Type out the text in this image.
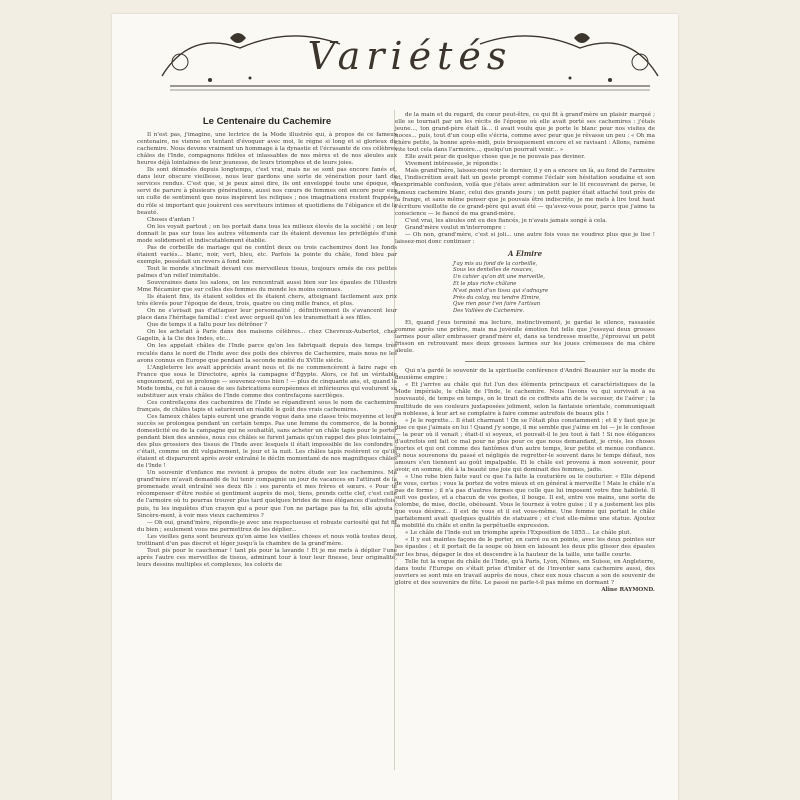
Variétés
Le Centenaire du Cachemire

Il n'est pas, j'imagine, une lectrice de la Mode illustrée qui, à propos de ce fameux centenaire, ne vienne en tentant d'évoquer avec moi, le règne si long et si glorieux du cachemire. Nous devons vraiment un hommage à la dynastie et l'écrasante de ces célèbres châles de l'Inde, compagnons fidèles et inlassables de nos mères et de nos aïeules aux heures déjà lointaines de leur jeunesse, de leurs triomphes et de leurs joies.

Ils sont démodés depuis longtemps, c'est vrai, mais ne se sont pas encore fanés et, dans leur obscure vieillesse, nous leur gardons une sorte de vénération pour tant de services rendus. C'est que, si je peux ainsi dire, ils ont enveloppé toute une époque, et servi de parure à plusieurs générations, aussi nos cœurs de femmes ont encore pour eux un culte de sentiment que nous inspirent les reliques ; nos imaginations restent frappées du rôle si important que jouèrent ces serviteurs intimes et quotidiens de l'élégance et de la beauté.

Choses d'antan !

On les voyait partout ; on les portait dans tous les milieux élevés de la société ; on leur donnait le pas sur tous les autres vêtements car ils étaient devenus les privilégiés d'une mode solidement et indiscutablement établie.

Pas de corbeille de mariage qui ne contînt deux ou trois cachemires dont les fonds étaient variés... blanc, noir, vert, bleu, etc. Parfois la pointe du châle, fond bleu par exemple, possédait un revers à fond noir.

Tout le monde s'inclinait devant ces merveilleux tissus, toujours ornés de ces petites palmes d'un relief inimitable.

Souveraines dans les salons, on les rencontrait aussi bien sur les épaules de l'illustre Mme Récamier que sur celles des femmes du monde les moins connues.

Ils étaient fins, ils étaient solides et ils étaient chers, atteignant facilement aux prix très élevés pour l'époque de deux, trois, quatre ou cinq mille francs, et plus.

On ne s'avisait pas d'attaquer leur personnalité ; définitivement ils s'avancent leur place dans l'héritage familial : c'est avec orgueil qu'on les transmettait à ses filles.

Que de temps il a fallu pour les détrôner ?

On les achetait à Paris dans des maisons célèbres... chez Chevreux-Aubertot, chez Gagelin, à la Cie des Indes, etc...

On les appelait châles de l'Inde parce qu'on les fabriquait depuis des temps très reculés dans le nord de l'Inde avec des poils des chèvres de Cachemire, mais nous ne les avons connus en Europe que pendant la seconde moitié du XVIIIe siècle.

L'Angleterre les avait appréciés avant nous et ils ne commencèrent à faire rage en France que sous le Directoire, après la campagne d'Égypte. Alors, ce fut un véritable engouement, qui se prolonge — souvenez-vous bien ! — plus de cinquante ans, et, quand la Mode tomba, ce fut à cause de ses fabrications européennes et inférieures qui voulurent se substituer aux vrais châles de l'Inde comme des contrefaçons sacrilèges.

Ces contrefaçons des cachemires de l'Inde se répandirent sous le nom de cachemires français, de châles tapis et saturèrent en réalité le goût des vrais cachemires.

Ces fameux châles tapis eurent une grande vogue dans une classe très moyenne et leur succès se prolongea pendant un certain temps. Pas une femme du commerce, de la bonne domesticité ou de la campagne qui ne souhaitât, sans acheter un châle tapis pour le porter pendant bien des années, nous ces châles se furent jamais qu'un rappel des plus lointains, des plus grossiers des tissus de l'Inde avec lesquels il était impossible de les confondre ; c'était, comme on dit vulgairement, le jour et la nuit. Les châles tapis restèrent ce qu'ils étaient et disparurent après avoir entraîné le déclin momentané de nos magnifiques châles de l'Inde !

Un souvenir d'enfance me revient à propos de notre étude sur les cachemires. Ma grand'mère m'avait demandé de lui tenir compagnie un jour de vacances en l'attirant de la promenade avait entraîné ses deux fils : ses parents et mes frères et sœurs. « Pour te récompenser d'être restée si gentiment auprès de moi, tiens, prends cette clef, c'est celle de l'armoire où tu pourras trouver plus tard quelques brides de mes élégances d'autrefois, puis, tu les inquiètes d'un crayon qui a pour que l'on ne partage pas ta foi, elle ajouta : Sincère-ment, à voir mes vieux cachemires ?

— Oh oui, grand'mère, répondis-je avec une respectueuse et robuste curiosité qui fut fit du bien ; seulement vous me permettrez de les déplier...

Les vieilles gens sont heureux qu'on aime les vieilles choses et nous voilà toutes deux, trottinant d'un pas discret et léger jusqu'à la chambre de la grand'mère.

Tout pis pour le cauchemar ! tant pis pour la lavande ! Et je me mets à déplier l'une après l'autre ces merveilles de tissus, admirant tour à tour leur finesse, leur originalité, leurs dessins multiples et complexes, les coloris de

de la main et du regard, du cœur peut-être, ce qui fit à grand'mère un plaisir marqué ; elle se tournait par un les récits de l'époque où elle avait porté ses cachemires : j'étais jeune..., ton grand-père était là... il avait voulu que je porte le blanc pour nos visites de noces... puis, tout d'un coup elle s'écria, comme avec peur que je rêvasse un peu : « Oh ma chère petite, la bonne après-midi, puis brusquement encore et se ravisant : Allons, ramène vite tout cela dans l'armoire..., quelqu'un pourrait venir... »

Elle avait peur de quelque chose que je ne pouvais pas deviner.

Vivement intéressée, je répondis :

Mais grand'mère, laissez-moi voir le dernier, il y en a encore un là, au fond de l'armoire et, l'indiscrétion avait fait un geste prompt comme l'éclair son hésitation soudaine et son inexprimable confusion, voilà que j'étais avec admiration sur le lit recouvrant de perse, le fameux cachemire blanc, celui des grands jours ; un petit papier était attaché tout près de la frange, et sans même penser que je pouvais être indiscrète, je me mets à lire tout haut l'écriture vieillotte de ce grand-père qui avait été — qu'avez-vous pour, parce que j'aime ta conscience — le fiancé de ma grand-mère.

C'est vrai, les aïeules ont eu des fiancés, je n'avais jamais songé à cela.

Grand'mère voulut m'interrompre :

— Oh non, grand'mère, c'est si joli... une autre fois vous ne voudrez plus que je lise ! laissez-moi donc continuer :

A Elmire
J'ay mis au fond de la corbeille,
Sous les dentelles de rosaces,
Un cahier qu'on dit une merveille,
Et le plus riche châlane
N'est point d'un tissu qui s'adnayre
Près du colay, ma tendre Elmire,
Que rien pour t'en faire l'artisan
Des Vallées de Cachemire.

Et, quand j'eus terminé ma lecture, instinctivement, je gardai le silence, rassasiée comme après une prière, mais ma juvénile émotion fut telle que j'essuyai deux grosses larmes pour aller embrasser grand'mère et, dans sa tendresse muette, j'éprouvai un petit frisson en retrouvant mes deux grosses larmes sur les joues crémeuses de ma chère aïeule.

Qui n'a gardé le souvenir de la spirituelle conférence d'André Beaunier sur la mode du deuxième empire :

« Et j'arrive au châle qui fut l'un des éléments principaux et caractéristiques de la Mode impériale, le châle de l'Inde, le cachemire. Nous l'avons vu qui survivait à sa nouveauté, de temps en temps, on le tirait de ce coffrets afin de le secouer, de l'aérer ; la multitude de ses couleurs juxtaposées joliment, selon la fantaisie orientale, communiquait sa noblesse, à leur art se complaire à faire comme autrefois de beaux plis !

« Je le regrette... Il était charmant ! On se l'ôtait plus constamment ; et il y faut que je dise ce que j'aimais en lui ! Quand j'y songe, il me semble que j'aime en lui — je le confesse — la peur où il venait ; était-il si soyeux, et pouvait-il le jeu tout à fait ! Si nos élégances d'autrefois ont fait ce mal pour ne plus pour ce que nous demandant, je crois, les choses mortes et qui ont comme des fantômes d'un autre temps, leur petite et menue confiance. Si nous souvenons du passé et négligés de regretter-le souvent dans le temps défaut, nos amours s'en tiennent au goût impalpable. Et le châle est provenu à mon souvenir, pour avoir, en somme, été à la beauté une joie qui dominait des femmes, jadis.

« Une robe bien faite vaut ce que l'a faite la couturière ou le couturier. « Elle dépend de vous, certes ; vous la portez de votre mieux et en général à merveille ! Mais le châle n'a pas de forme ; il n'a pas d'autres formes que celle que lui imposent votre fine habileté. Il suit vos gestes, et a chacun de vos gestes, il bouge. Il est, entre vos mains, une sorte de colombe, de mise, docile, obéissant. Vous le tournez à votre guise ; il y a justement les plis que vous désirez... Il est de vous et il est vous-même. Une femme qui portait le châle parfaitement avait quelques qualités de statuaire ; et c'est elle-même une statue. Ajoutez la mobilité du châle et enfin la perpétuelle expression.

« Le châle de l'Inde eut un triomphe après l'Exposition de 1855... Le châle plut.

« Il y eut maintes façons de le porter, en carré ou en pointe, avec les deux pointes sur les épaules ; et il portait de la soupe où bien en laissant les deux plis glisser des épaules sur les bras, dégager le dos et descendre à la hauteur de la taille, une taille courte.

Telle fut la vogue du châle de l'Inde, qu'à Paris, Lyon, Nîmes, en Suisse, en Angleterre, dans toute l'Europe on s'était prise d'imiter et de l'inventer sans cachemire aussi, des ouvriers se sont mis en travail auprès de nous, chez eux nous chacun a son de souvenir de gloire et des souvenirs de fête. Le passé ne parle-t-il pas même en dormant ?

Aline RAYMOND.
